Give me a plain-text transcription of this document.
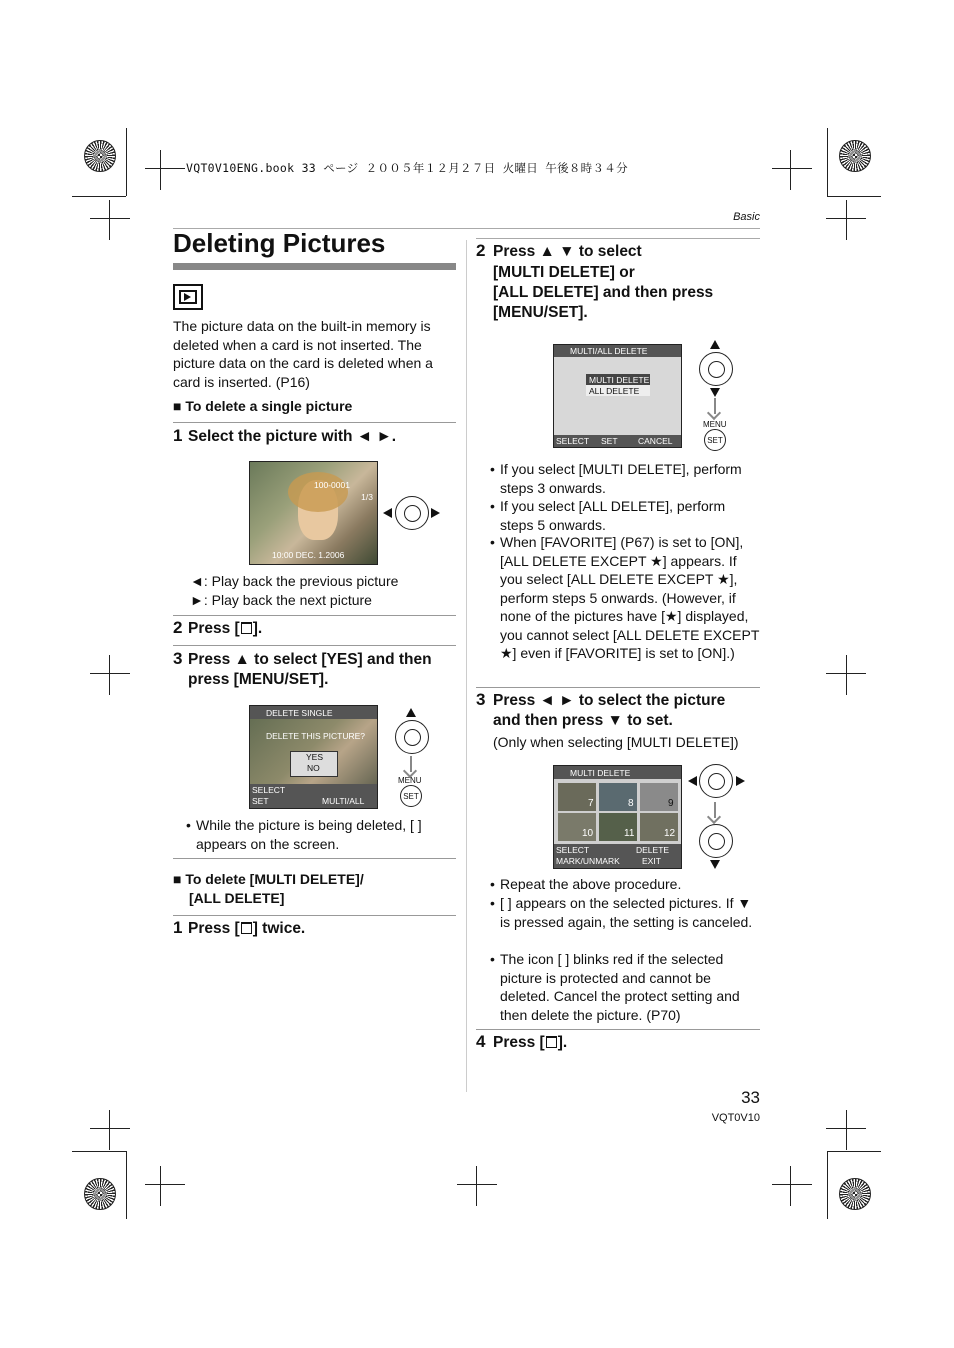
VQT0V10ENG.book 33 ページ ２００５年１２月２７日 火曜日 午後８時３４分
Basic
Deleting Pictures

The picture data on the built-in memory is deleted when a card is not inserted. The picture data on the card is deleted when a card is inserted. (P16)

■ To delete a single picture

1 Select the picture with ◄ ►.

100-0001
1/3
10:00 DEC. 1.2006

◄: Play back the previous picture

►: Play back the next picture

2 Press [ ].

3 Press ▲ to select [YES] and then press [MENU/SET].

DELETE SINGLE
DELETE THIS PICTURE?
YES
NO
SELECT
SET	MULTI/ALL
MENU
SET

• While the picture is being deleted, [ ] appears on the screen.

■ To delete [MULTI DELETE]/

[ALL DELETE]

1 Press [ ] twice.

2 Press ▲ ▼ to select

[MULTI DELETE] or

[ALL DELETE] and then press

[MENU/SET].

MULTI/ALL DELETE
MULTI DELETE
ALL DELETE
SELECT SET CANCEL
MENU
SET

• If you select [MULTI DELETE], perform steps 3 onwards.

• If you select [ALL DELETE], perform steps 5 onwards.

• When [FAVORITE] (P67) is set to [ON], [ALL DELETE EXCEPT ★] appears. If you select [ALL DELETE EXCEPT ★], perform steps 5 onwards. (However, if none of the pictures have [★] displayed, you cannot select [ALL DELETE EXCEPT ★] even if [FAVORITE] is set to [ON].)

3 Press ◄ ► to select the picture

and then press ▼ to set.

(Only when selecting [MULTI DELETE])

MULTI DELETE
7	8	9
10	11	12
SELECT	DELETE
MARK/UNMARK	EXIT

• Repeat the above procedure.

• [ ] appears on the selected pictures. If ▼ is pressed again, the setting is canceled.

• The icon [ ] blinks red if the selected picture is protected and cannot be deleted. Cancel the protect setting and then delete the picture. (P70)

4 Press [ ].

33
VQT0V10
